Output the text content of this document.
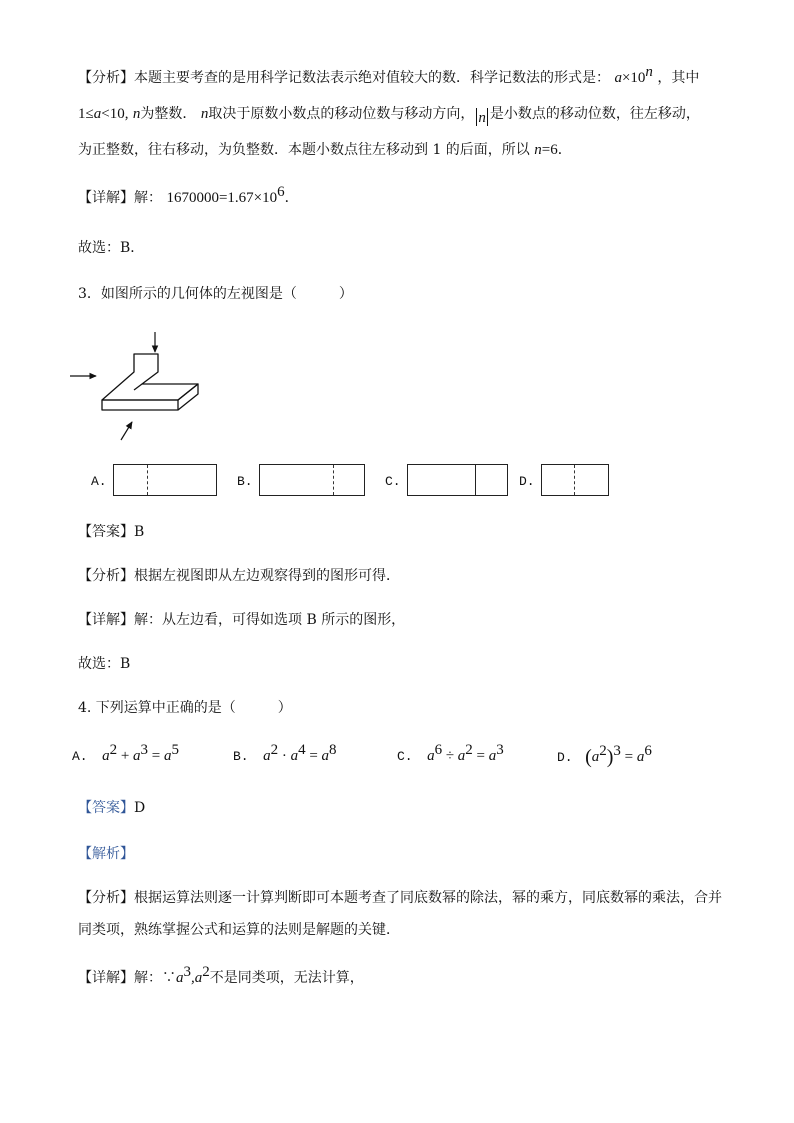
【分析】本题主要考查的是用科学记数法表示绝对值较大的数．科学记数法的形式是： $a\times 10^n$ ，其中
1≤a<10, n为整数． n取决于原数小数点的移动位数与移动方向， n 是小数点的移动位数，往左移动，
为正整数，往右移动，为负整数．本题小数点往左移动到 1 的后面，所以 n=6．
【详解】解： $1670000=1.67\times 10^6$．
故选：B．
3．如图所示的几何体的左视图是（　　　）
A.	B.	C.	D.
【答案】B
【分析】根据左视图即从左边观察得到的图形可得．
【详解】解：从左边看，可得如选项 B 所示的图形，
故选：B
4. 下列运算中正确的是（　　　）
A. $a^2 + a^3 = a^5$	B. $a^2 \cdot a^4 = a^8$	C. $a^6 \div a^2 = a^3$	D. $(a^2)^3 = a^6$
【答案】D
【解析】
【分析】根据运算法则逐一计算判断即可本题考查了同底数幂的除法，幂的乘方，同底数幂的乘法，合并
同类项，熟练掌握公式和运算的法则是解题的关键．
【详解】解：$\because a^3,a^2$不是同类项，无法计算，
